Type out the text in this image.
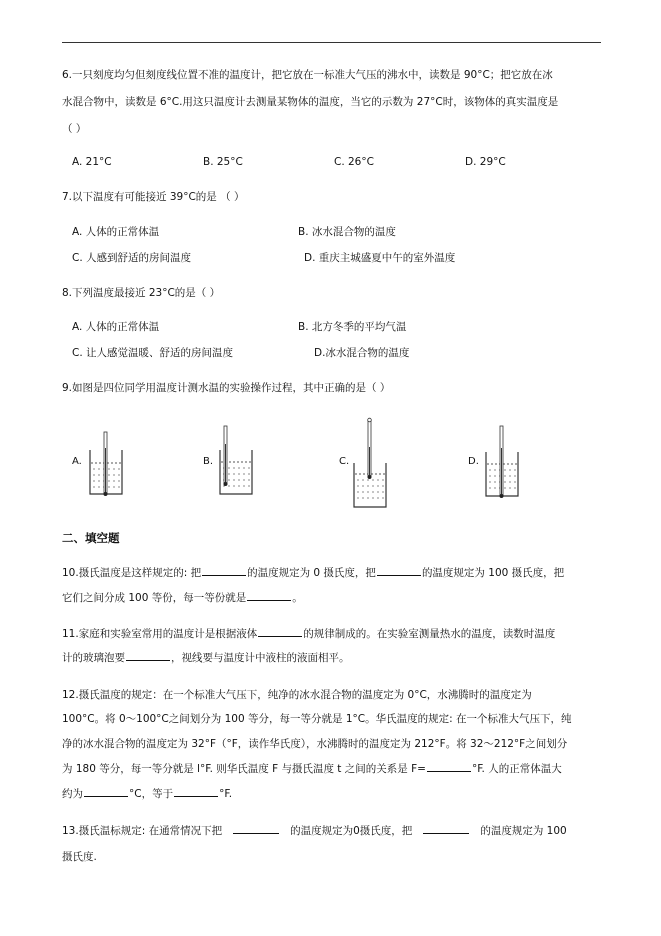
6.一只刻度均匀但刻度线位置不准的温度计，把它放在一标准大气压的沸水中，读数是 90°C；把它放在冰
水混合物中，读数是 6°C.用这只温度计去测量某物体的温度，当它的示数为 27°C时，该物体的真实温度是
（ ）
A. 21°C	B. 25°C	C. 26°C	D. 29°C
7.以下温度有可能接近 39°C的是 （ ）
A. 人体的正常体温	B. 冰水混合物的温度
C. 人感到舒适的房间温度	D. 重庆主城盛夏中午的室外温度
8.下列温度最接近 23°C的是（ ）
A. 人体的正常体温	B. 北方冬季的平均气温
C. 让人感觉温暖、舒适的房间温度	D.冰水混合物的温度
9.如图是四位同学用温度计测水温的实验操作过程，其中正确的是（ ）
A.	B.	C.	D.
二、填空题
10.摄氏温度是这样规定的: 把	的温度规定为 0 摄氏度，把	的温度规定为 100 摄氏度，把
它们之间分成 100 等份，每一等份就是	。
11.家庭和实验室常用的温度计是根据液体	的规律制成的。在实验室测量热水的温度，读数时温度
计的玻璃泡要	，视线要与温度计中液柱的液面相平。
12.摄氏温度的规定：在一个标准大气压下，纯净的冰水混合物的温度定为 0°C，水沸腾时的温度定为
100°C。将 0～100°C之间划分为 100 等分，每一等分就是 1°C。华氏温度的规定: 在一个标准大气压下，纯
净的冰水混合物的温度定为 32°F（°F，读作华氏度），水沸腾时的温度定为 212°F。将 32～212°F之间划分
为 180 等分，每一等分就是 l°F. 则华氏温度 F 与摄氏温度 t 之间的关系是 F=	°F. 人的正常体温大
约为	°C，等于	°F.
13.摄氏温标规定: 在通常情况下把	的温度规定为0摄氏度，把	的温度规定为 100
摄氏度.
